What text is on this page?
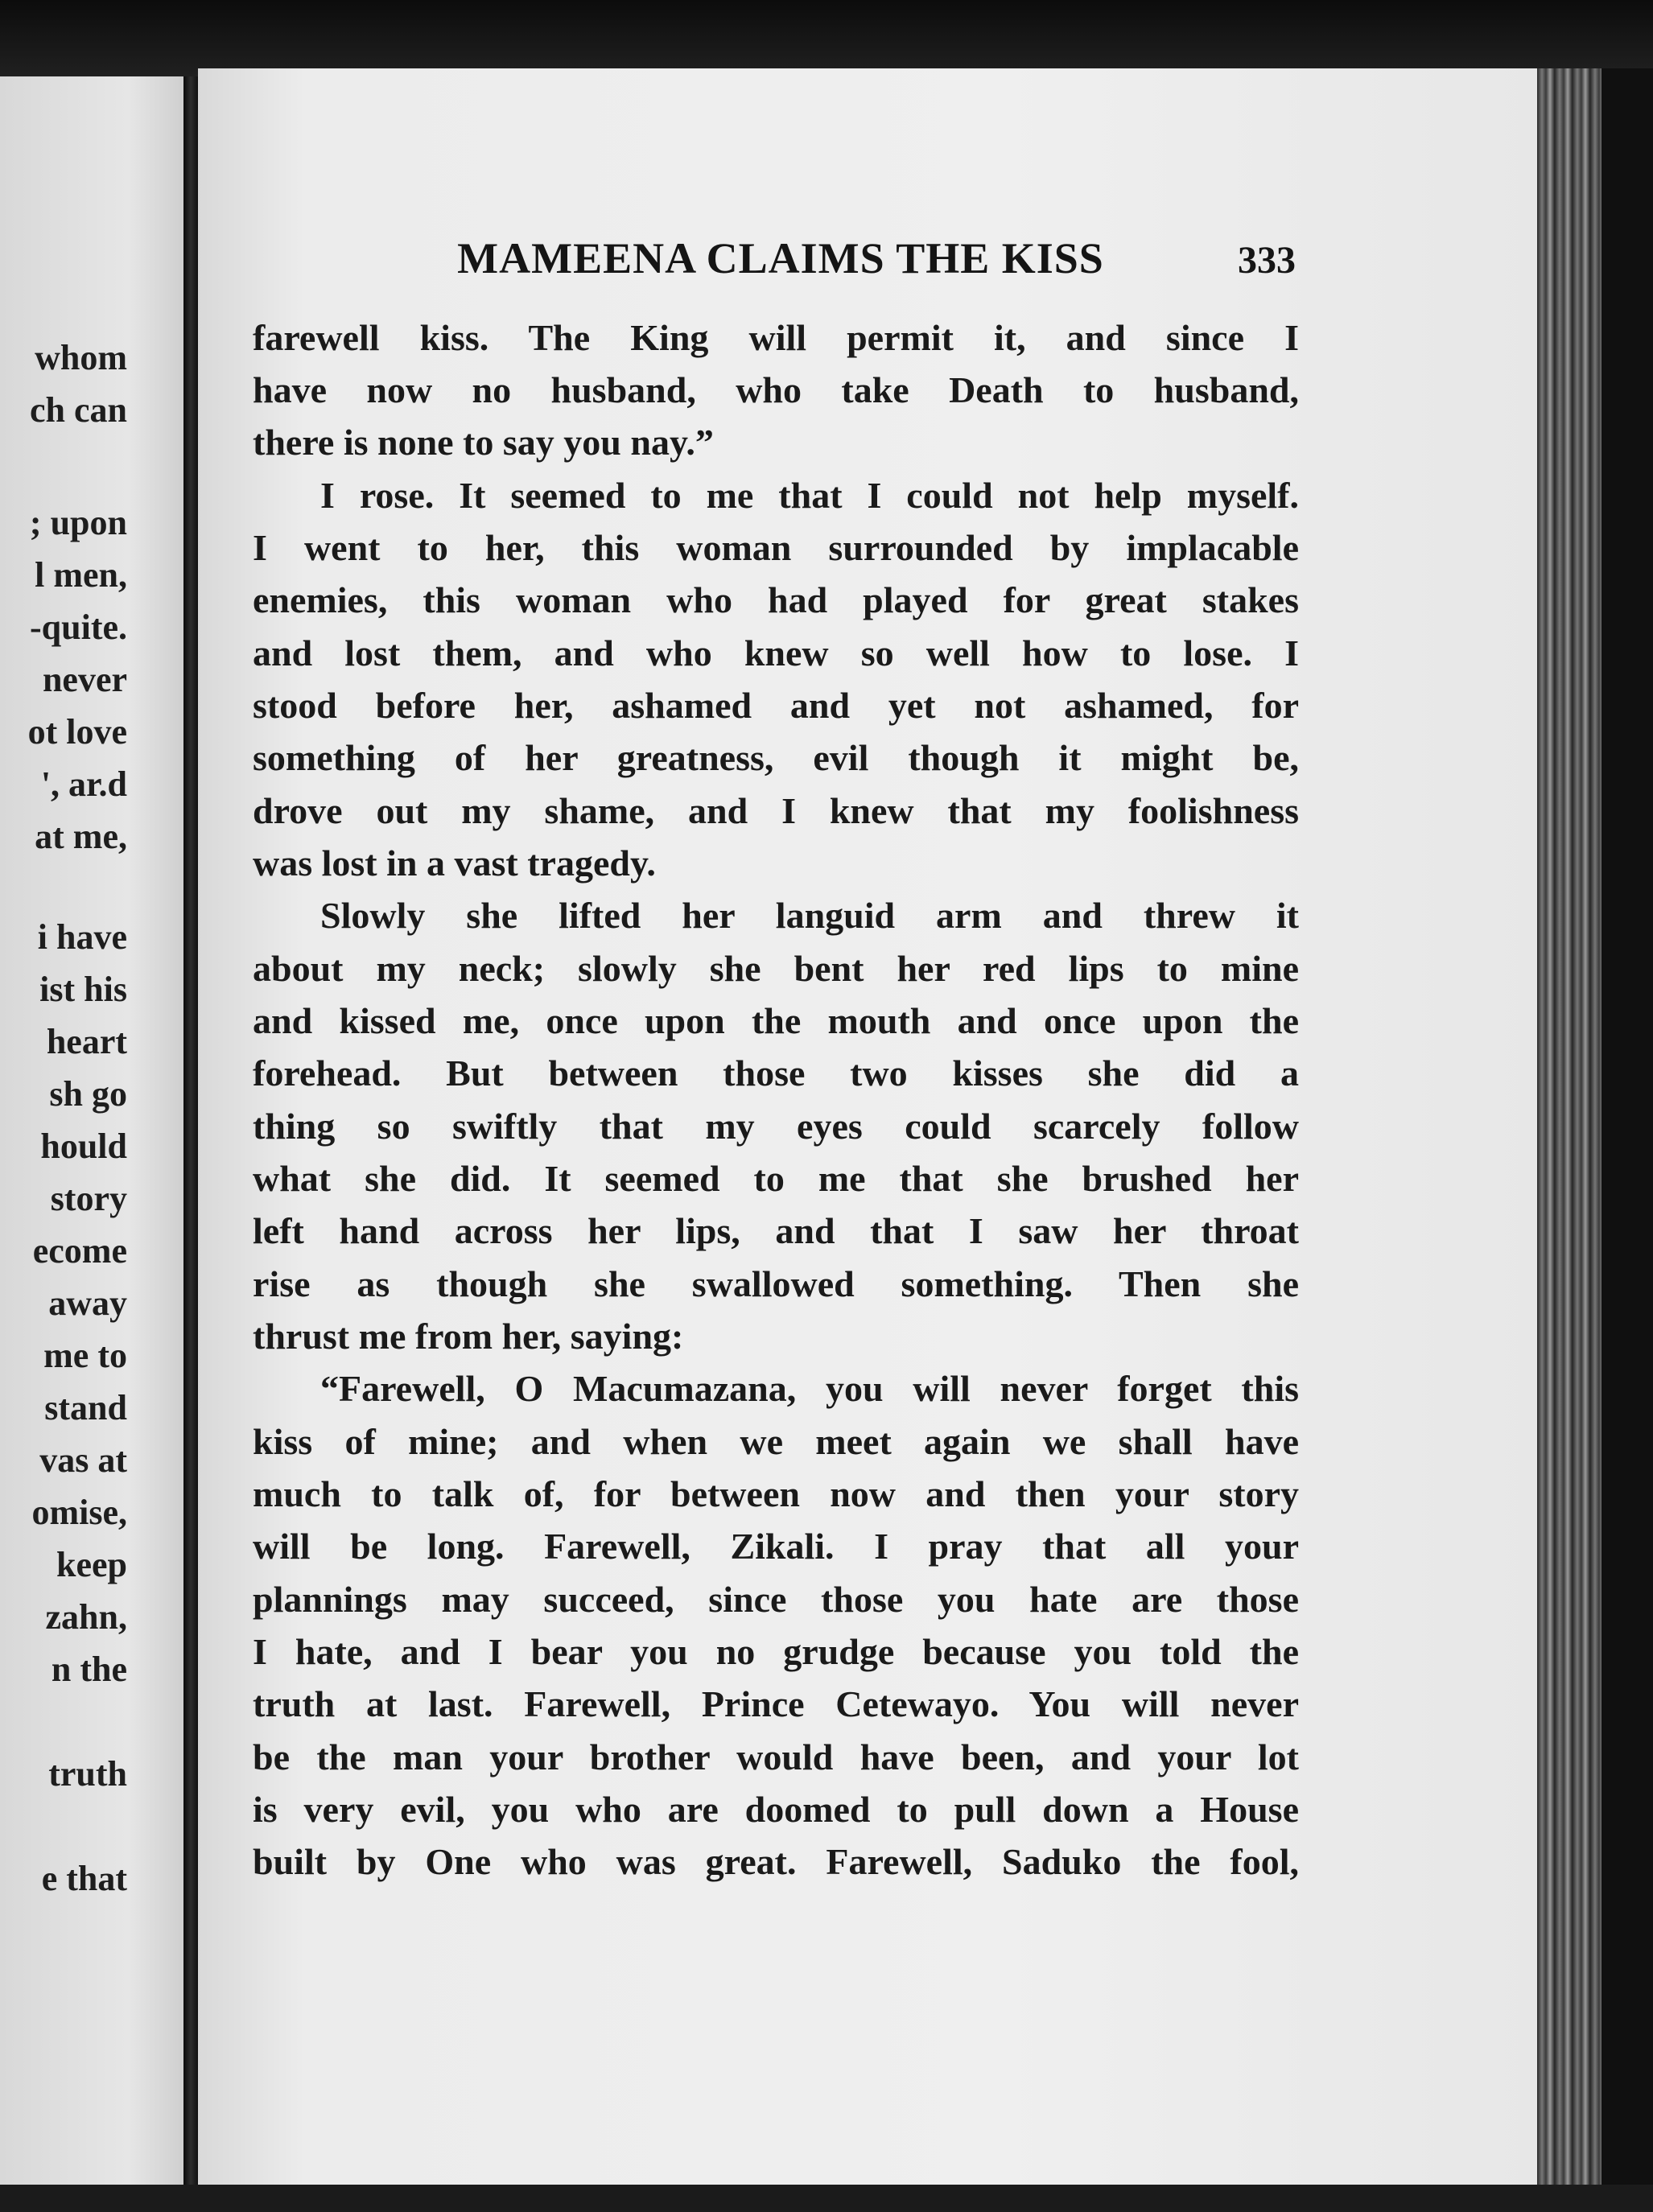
whom
ch can
; upon
l men,
-quite.
never
ot love
', ar.d
at me,
i have
ist his
heart
sh go
hould
story
ecome
away
me to
stand
vas at
omise,
keep
zahn,
n the
truth
e that
MAMEENA CLAIMS THE KISS	333
farewell kiss. The King will permit it, and since I
have now no husband, who take Death to husband,
there is none to say you nay.”
I rose. It seemed to me that I could not help myself.
I went to her, this woman surrounded by implacable
enemies, this woman who had played for great stakes
and lost them, and who knew so well how to lose. I
stood before her, ashamed and yet not ashamed, for
something of her greatness, evil though it might be,
drove out my shame, and I knew that my foolishness
was lost in a vast tragedy.
Slowly she lifted her languid arm and threw it
about my neck; slowly she bent her red lips to mine
and kissed me, once upon the mouth and once upon the
forehead. But between those two kisses she did a
thing so swiftly that my eyes could scarcely follow
what she did. It seemed to me that she brushed her
left hand across her lips, and that I saw her throat
rise as though she swallowed something. Then she
thrust me from her, saying:
“Farewell, O Macumazana, you will never forget this
kiss of mine; and when we meet again we shall have
much to talk of, for between now and then your story
will be long. Farewell, Zikali. I pray that all your
plannings may succeed, since those you hate are those
I hate, and I bear you no grudge because you told the
truth at last. Farewell, Prince Cetewayo. You will never
be the man your brother would have been, and your lot
is very evil, you who are doomed to pull down a House
built by One who was great. Farewell, Saduko the fool,
